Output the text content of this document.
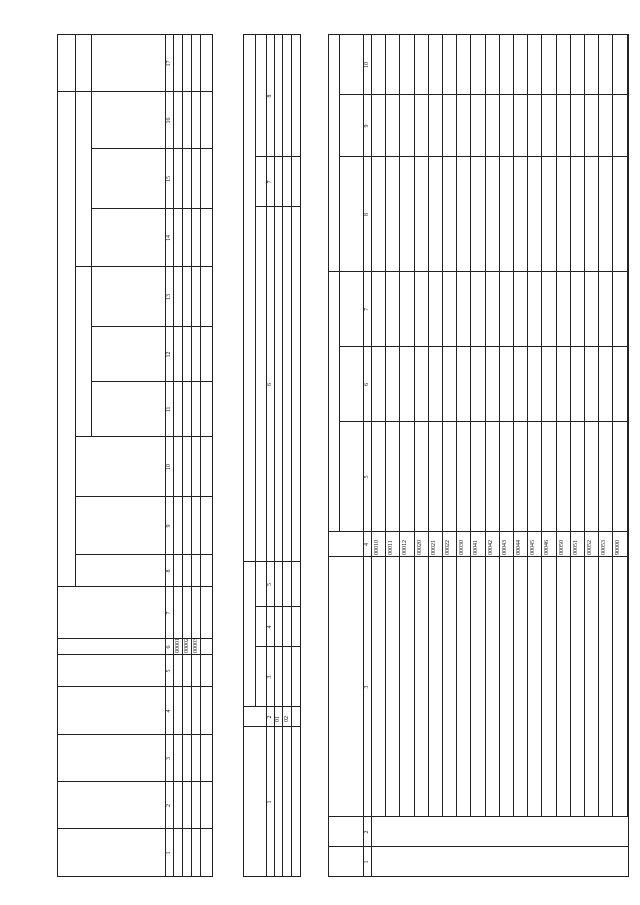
1
2
3
4
5
6
7
8
9
10
11
12
13
14
15
16
17
00001 00002 00003
1
2
3
4
5
6
7
8
01 02
1
2
3
4
5
6
7
8
9
10
00010 00011 00012 00020 00021 00022 00030 00041 00042 00043 00044 00045 00046 00050 00051 00052 00053 90000
